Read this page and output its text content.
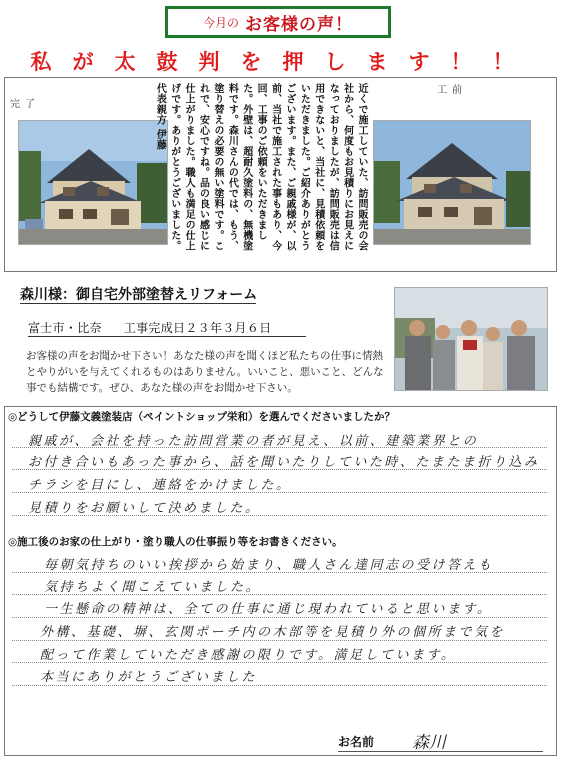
今月の お客様の声！
私が太鼓判を押します！！
完了
工前
近くで施工していた、訪問販売の会社から、何度もお見積りにお見えになっておりましたが、訪問販売は信用できないと、当社に、見積依頼をいただきました。ご紹介ありがとうございます。また、ご親戚様が、以前、当社で施工された事もあり、今回、工事のご依頼をいただきました。外壁は、超耐久塗料の、無機塗料です。森川さんの代では、もう、塗り替えの必要の無い塗料です。これで、安心ですね。品の良い感じに仕上がりました。職人も満足の仕上げです。ありがとうございました。 代表親方 伊藤
森川様：御自宅外部塗替えリフォーム
富士市・比奈 工事完成日２３年３月６日
お客様の声をお聞かせ下さい！あなた様の声を聞くほど私たちの仕事に情熱とやりがいを与えてくれるものはありません。いいこと、悪いこと、どんな事でも結構です。ぜひ、あなた様の声をお聞かせ下さい。
◎どうして伊藤文義塗装店（ペイントショップ栄和）を選んでくださいましたか？
親戚が、会社を持った訪問営業の者が見え、以前、建築業界との
お付き合いもあった事から、話を聞いたりしていた時、たまたま折り込み
チラシを目にし、連絡をかけました。
見積りをお願いして決めました。
◎施工後のお家の仕上がり・塗り職人の仕事振り等をお書きください。
毎朝気持ちのいい挨拶から始まり、職人さん達同志の受け答えも
気持ちよく聞こえていました。
一生懸命の精神は、全ての仕事に通じ現われていると思います。
外構、基礎、塀、玄関ポーチ内の木部等を見積り外の個所まで気を
配って作業していただき感謝の限りです。満足しています。
本当にありがとうございました
お名前 森川
